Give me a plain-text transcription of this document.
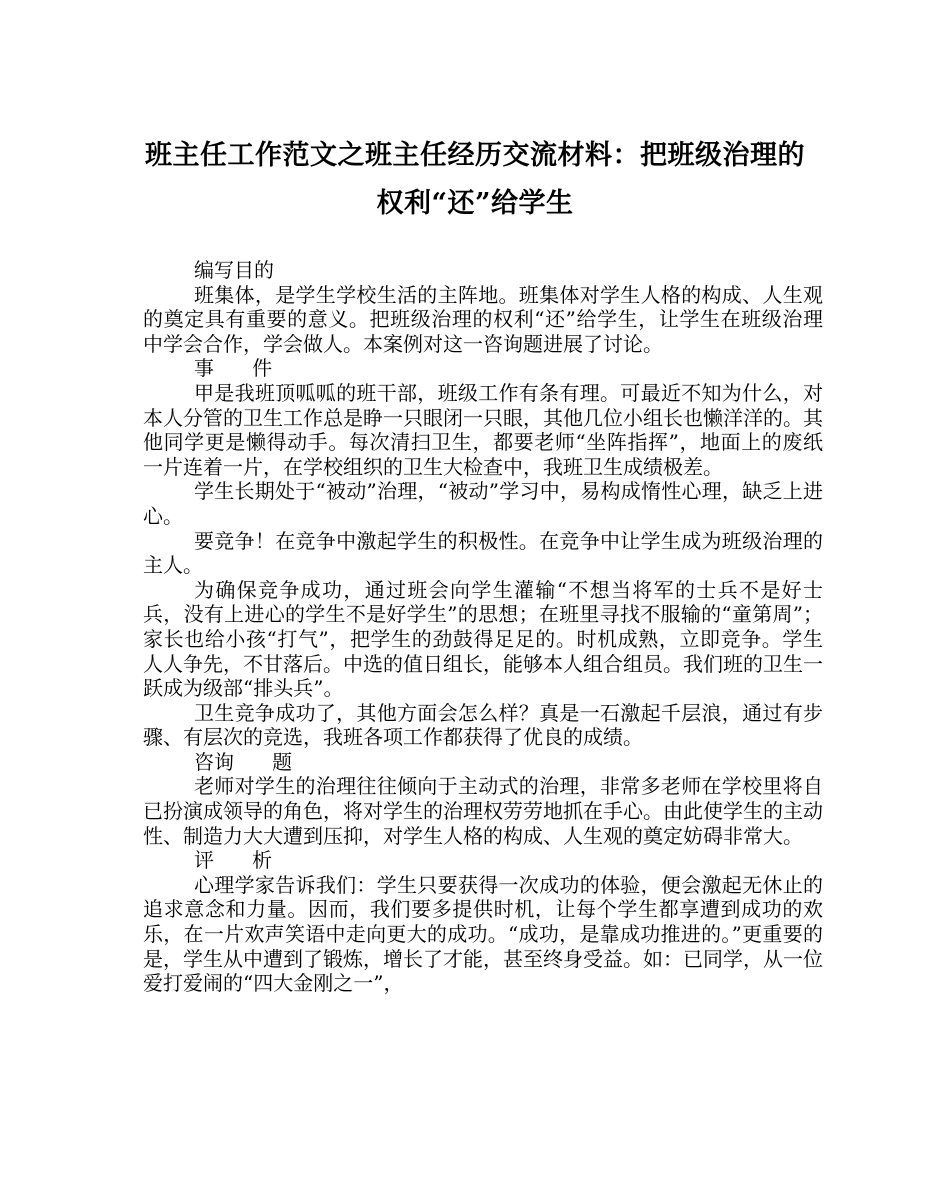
班主任工作范文之班主任经历交流材料：把班级治理的权利“还”给学生

编写目的

班集体，是学生学校生活的主阵地。班集体对学生人格的构成、人生观的奠定具有重要的意义。把班级治理的权利“还”给学生，让学生在班级治理中学会合作，学会做人。本案例对这一咨询题进展了讨论。

事      件

甲是我班顶呱呱的班干部，班级工作有条有理。可最近不知为什么，对本人分管的卫生工作总是睁一只眼闭一只眼，其他几位小组长也懒洋洋的。其他同学更是懒得动手。每次清扫卫生，都要老师“坐阵指挥”，地面上的废纸一片连着一片，在学校组织的卫生大检查中，我班卫生成绩极差。

学生长期处于“被动”治理，“被动”学习中，易构成惰性心理，缺乏上进心。

要竞争！在竞争中激起学生的积极性。在竞争中让学生成为班级治理的主人。

为确保竞争成功，通过班会向学生灌输“不想当将军的士兵不是好士兵，没有上进心的学生不是好学生”的思想；在班里寻找不服输的“童第周”；家长也给小孩“打气”，把学生的劲鼓得足足的。时机成熟，立即竞争。学生人人争先，不甘落后。中选的值日组长，能够本人组合组员。我们班的卫生一跃成为级部“排头兵”。

卫生竞争成功了，其他方面会怎么样？真是一石激起千层浪，通过有步骤、有层次的竞选，我班各项工作都获得了优良的成绩。

咨询      题

老师对学生的治理往往倾向于主动式的治理，非常多老师在学校里将自已扮演成领导的角色，将对学生的治理权劳劳地抓在手心。由此使学生的主动性、制造力大大遭到压抑，对学生人格的构成、人生观的奠定妨碍非常大。

评      析

心理学家告诉我们：学生只要获得一次成功的体验，便会激起无休止的追求意念和力量。因而，我们要多提供时机，让每个学生都享遭到成功的欢乐，在一片欢声笑语中走向更大的成功。“成功，是靠成功推进的。”更重要的是，学生从中遭到了锻炼，增长了才能，甚至终身受益。如：已同学，从一位爱打爱闹的“四大金刚之一”，
